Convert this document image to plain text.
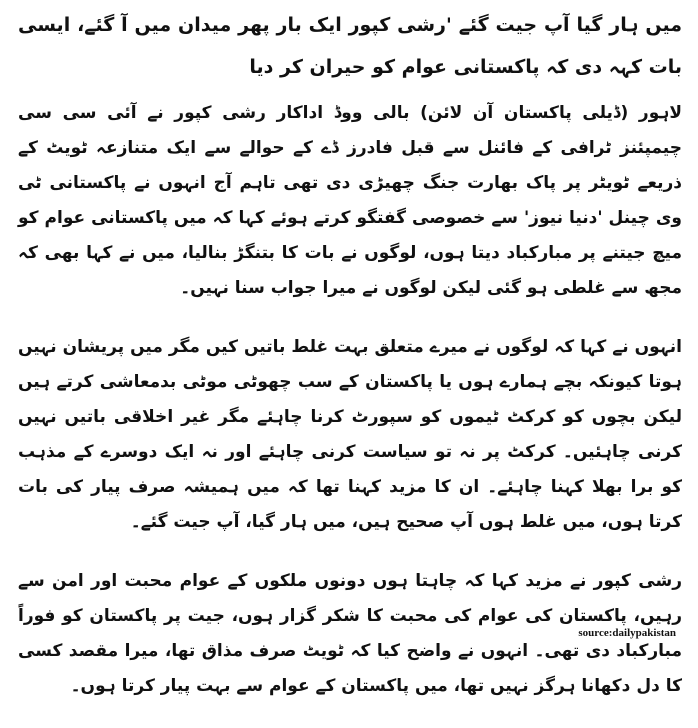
میں ہار گیا آپ جیت گئے 'رشی کپور ایک بار پھر میدان میں آ گئے، ایسی بات کہہ دی کہ پاکستانی عوام کو حیران کر دیا
لاہور (ڈیلی پاکستان آن لائن) بالی ووڈ اداکار رشی کپور نے آئی سی سی چیمپئنز ٹرافی کے فائنل سے قبل فادرز ڈے کے حوالے سے ایک متنازعہ ٹویٹ کے ذریعے ٹویٹر پر پاک بھارت جنگ چھیڑی دی تھی تاہم آج انہوں نے پاکستانی ٹی وی چینل 'دنیا نیوز' سے خصوصی گفتگو کرتے ہوئے کہا کہ میں پاکستانی عوام کو میچ جیتنے پر مبارکباد دیتا ہوں، لوگوں نے بات کا بتنگڑ بنالیا، میں نے کہا بھی کہ مجھ سے غلطی ہو گئی لیکن لوگوں نے میرا جواب سنا نہیں۔
انہوں نے کہا کہ لوگوں نے میرے متعلق بہت غلط باتیں کیں مگر میں پریشان نہیں ہوتا کیونکہ بچے ہمارے ہوں یا پاکستان کے سب چھوٹی موٹی بدمعاشی کرتے ہیں لیکن بچوں کو کرکٹ ٹیموں کو سپورٹ کرنا چاہئے مگر غیر اخلاقی باتیں نہیں کرنی چاہئیں۔ کرکٹ پر نہ تو سیاست کرنی چاہئے اور نہ ایک دوسرے کے مذہب کو برا بھلا کہنا چاہئے۔ ان کا مزید کہنا تھا کہ میں ہمیشہ صرف پیار کی بات کرتا ہوں، میں غلط ہوں آپ صحیح ہیں، میں ہار گیا، آپ جیت گئے۔
رشی کپور نے مزید کہا کہ چاہتا ہوں دونوں ملکوں کے عوام محبت اور امن سے رہیں، پاکستان کی عوام کی محبت کا شکر گزار ہوں، جیت پر پاکستان کو فوراً مبارکباد دی تھی۔ انہوں نے واضح کیا کہ ٹویٹ صرف مذاق تھا، میرا مقصد کسی کا دل دکھانا ہرگز نہیں تھا، میں پاکستان کے عوام سے بہت پیار کرتا ہوں۔
source:dailypakistan
